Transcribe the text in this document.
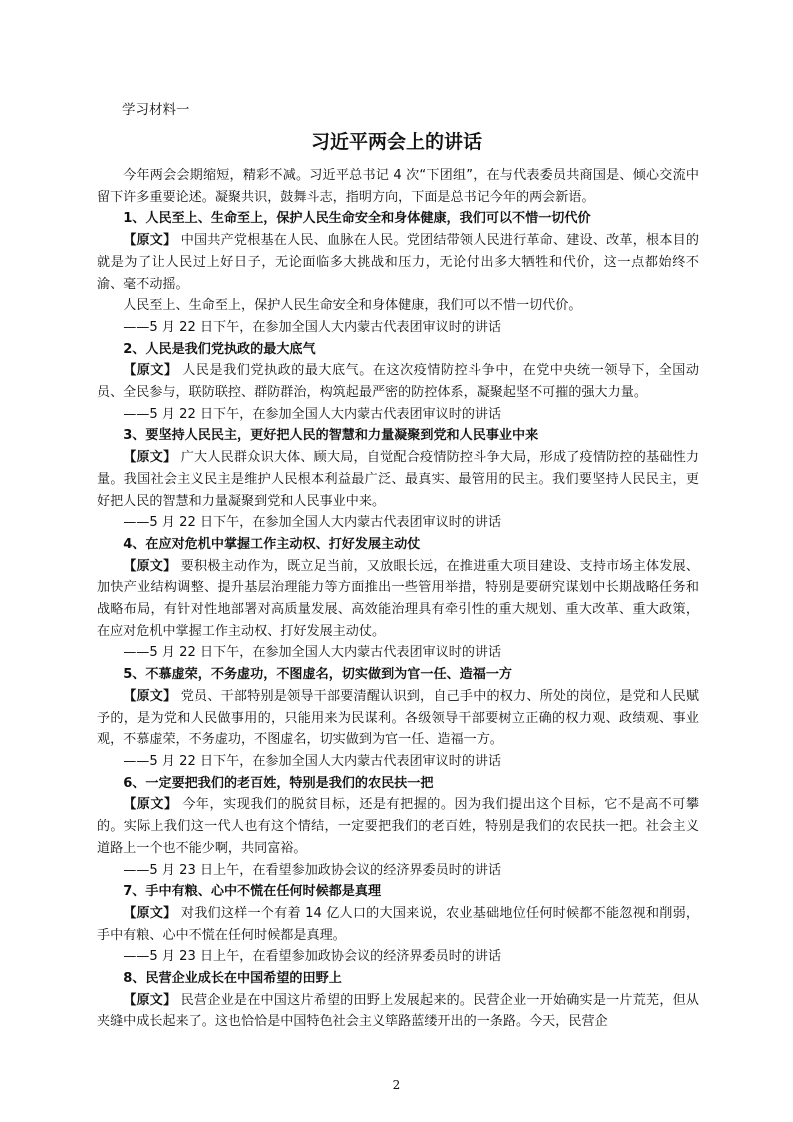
学习材料一
习近平两会上的讲话

今年两会会期缩短，精彩不减。习近平总书记 4 次“下团组”，在与代表委员共商国是、倾心交流中留下许多重要论述。凝聚共识，鼓舞斗志，指明方向，下面是总书记今年的两会新语。

1、人民至上、生命至上，保护人民生命安全和身体健康，我们可以不惜一切代价

【原文】 中国共产党根基在人民、血脉在人民。党团结带领人民进行革命、建设、改革，根本目的就是为了让人民过上好日子，无论面临多大挑战和压力，无论付出多大牺牲和代价，这一点都始终不渝、毫不动摇。

人民至上、生命至上，保护人民生命安全和身体健康，我们可以不惜一切代价。

——5 月 22 日下午，在参加全国人大内蒙古代表团审议时的讲话

2、人民是我们党执政的最大底气

【原文】 人民是我们党执政的最大底气。在这次疫情防控斗争中，在党中央统一领导下，全国动员、全民参与，联防联控、群防群治，构筑起最严密的防控体系，凝聚起坚不可摧的强大力量。

——5 月 22 日下午，在参加全国人大内蒙古代表团审议时的讲话

3、要坚持人民民主，更好把人民的智慧和力量凝聚到党和人民事业中来

【原文】 广大人民群众识大体、顾大局，自觉配合疫情防控斗争大局，形成了疫情防控的基础性力量。我国社会主义民主是维护人民根本利益最广泛、最真实、最管用的民主。我们要坚持人民民主，更好把人民的智慧和力量凝聚到党和人民事业中来。

——5 月 22 日下午，在参加全国人大内蒙古代表团审议时的讲话

4、在应对危机中掌握工作主动权、打好发展主动仗

【原文】 要积极主动作为，既立足当前，又放眼长远，在推进重大项目建设、支持市场主体发展、加快产业结构调整、提升基层治理能力等方面推出一些管用举措，特别是要研究谋划中长期战略任务和战略布局，有针对性地部署对高质量发展、高效能治理具有牵引性的重大规划、重大改革、重大政策，在应对危机中掌握工作主动权、打好发展主动仗。

——5 月 22 日下午，在参加全国人大内蒙古代表团审议时的讲话

5、不慕虚荣，不务虚功，不图虚名，切实做到为官一任、造福一方

【原文】 党员、干部特别是领导干部要清醒认识到，自己手中的权力、所处的岗位，是党和人民赋予的，是为党和人民做事用的，只能用来为民谋利。各级领导干部要树立正确的权力观、政绩观、事业观，不慕虚荣，不务虚功，不图虚名，切实做到为官一任、造福一方。

——5 月 22 日下午，在参加全国人大内蒙古代表团审议时的讲话

6、一定要把我们的老百姓，特别是我们的农民扶一把

【原文】 今年，实现我们的脱贫目标，还是有把握的。因为我们提出这个目标，它不是高不可攀的。实际上我们这一代人也有这个情结，一定要把我们的老百姓，特别是我们的农民扶一把。社会主义道路上一个也不能少啊，共同富裕。

——5 月 23 日上午，在看望参加政协会议的经济界委员时的讲话

7、手中有粮、心中不慌在任何时候都是真理

【原文】 对我们这样一个有着 14 亿人口的大国来说，农业基础地位任何时候都不能忽视和削弱，手中有粮、心中不慌在任何时候都是真理。

——5 月 23 日上午，在看望参加政协会议的经济界委员时的讲话

8、民营企业成长在中国希望的田野上

【原文】 民营企业是在中国这片希望的田野上发展起来的。民营企业一开始确实是一片荒芜，但从夹缝中成长起来了。这也恰恰是中国特色社会主义筚路蓝缕开出的一条路。今天，民营企

2
